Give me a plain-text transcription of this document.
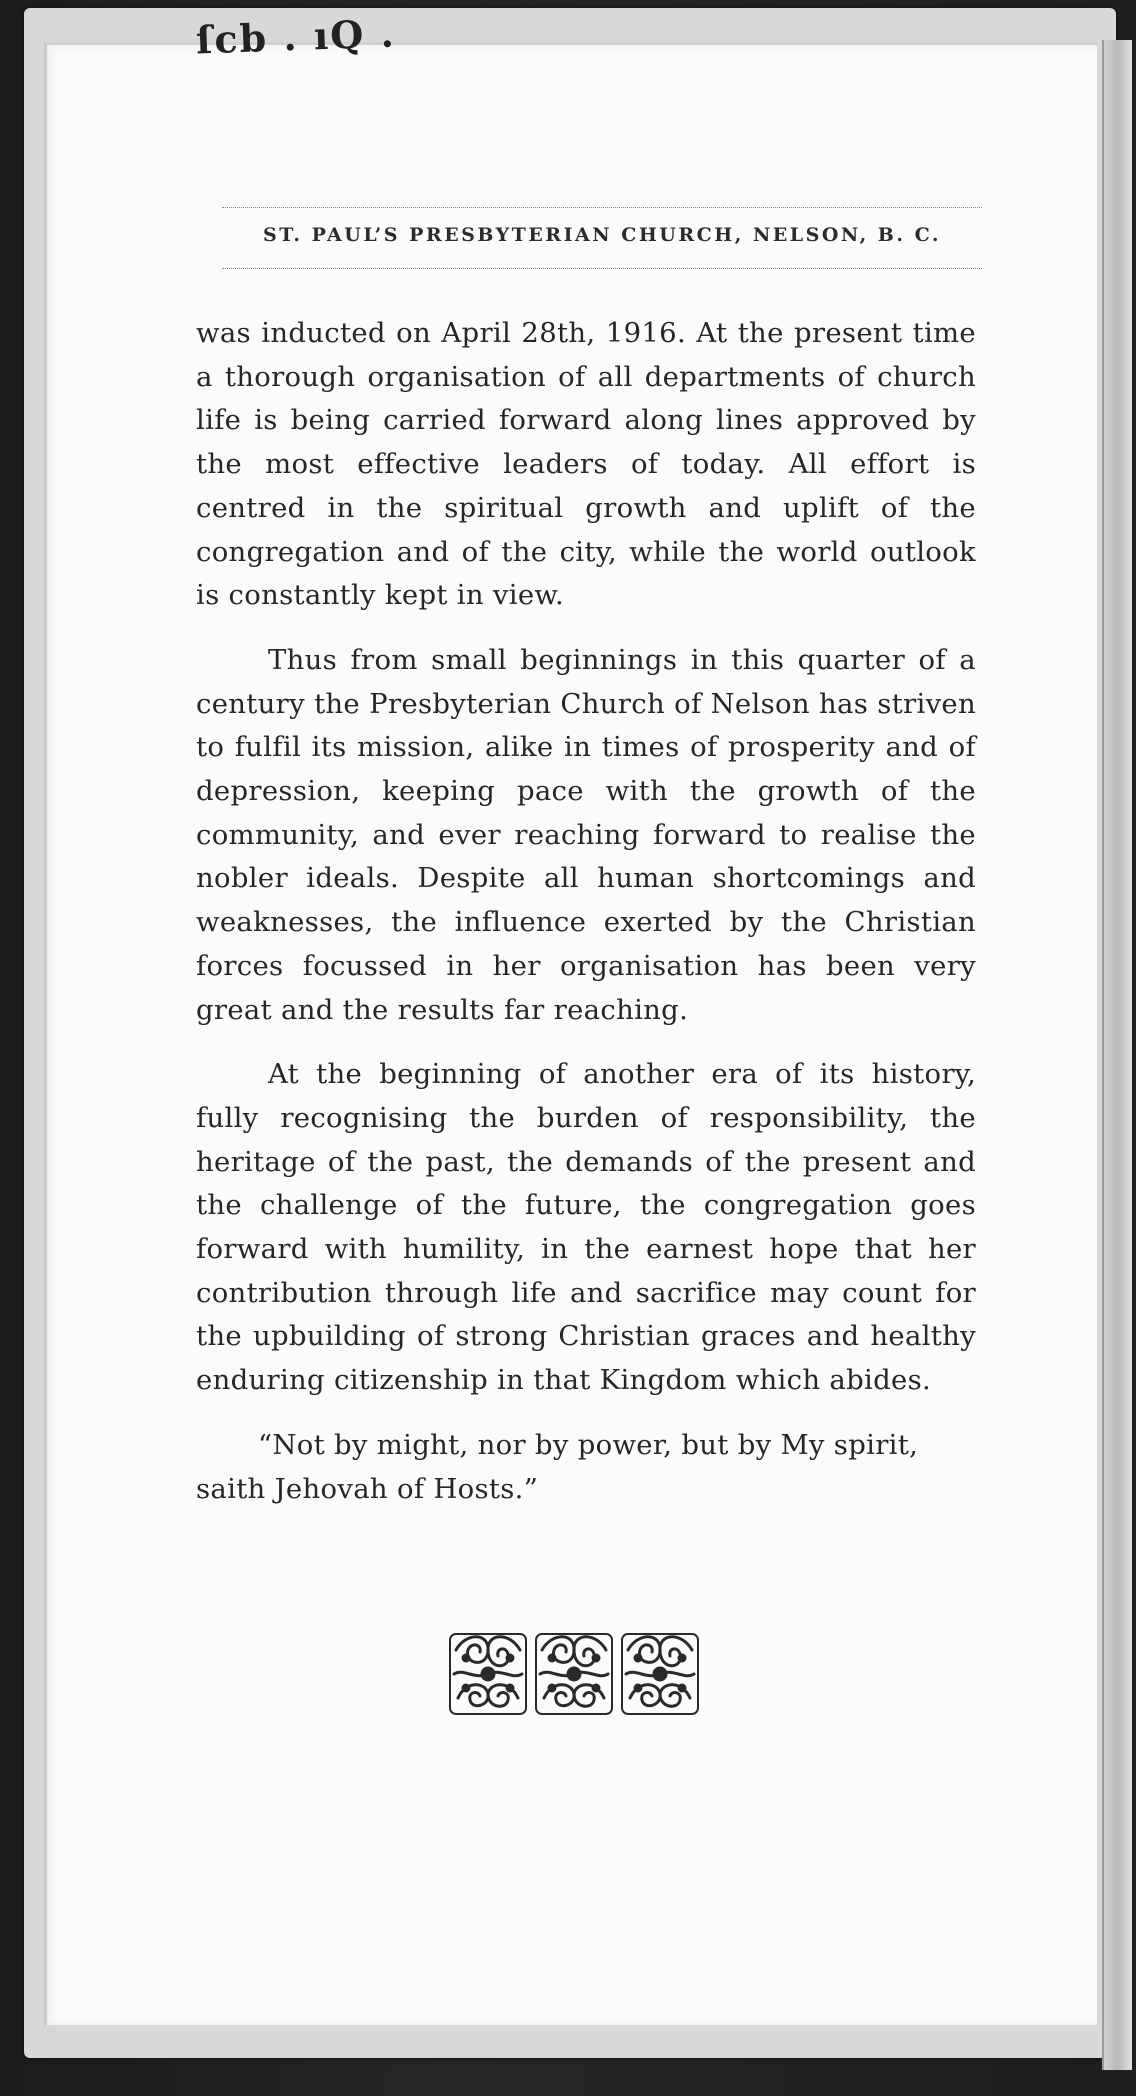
ſcb . ıQ .
ST. PAUL’S PRESBYTERIAN CHURCH, NELSON, B. C.

was inducted on April 28th, 1916. At the present time a thorough organisation of all departments of church life is being carried forward along lines approved by the most effective leaders of today. All effort is centred in the spiritual growth and uplift of the congregation and of the city, while the world outlook is constantly kept in view.

Thus from small beginnings in this quarter of a century the Presbyterian Church of Nelson has striven to fulfil its mission, alike in times of prosperity and of depression, keeping pace with the growth of the community, and ever reaching forward to realise the nobler ideals. Despite all human shortcomings and weaknesses, the influence exerted by the Christian forces focussed in her organisation has been very great and the results far reaching.

At the beginning of another era of its history, fully recognising the burden of responsibility, the heritage of the past, the demands of the present and the challenge of the future, the congregation goes forward with humility, in the earnest hope that her contribution through life and sacrifice may count for the upbuilding of strong Christian graces and healthy enduring citizenship in that Kingdom which abides.

“Not by might, nor by power, but by My spirit, saith Jehovah of Hosts.”
